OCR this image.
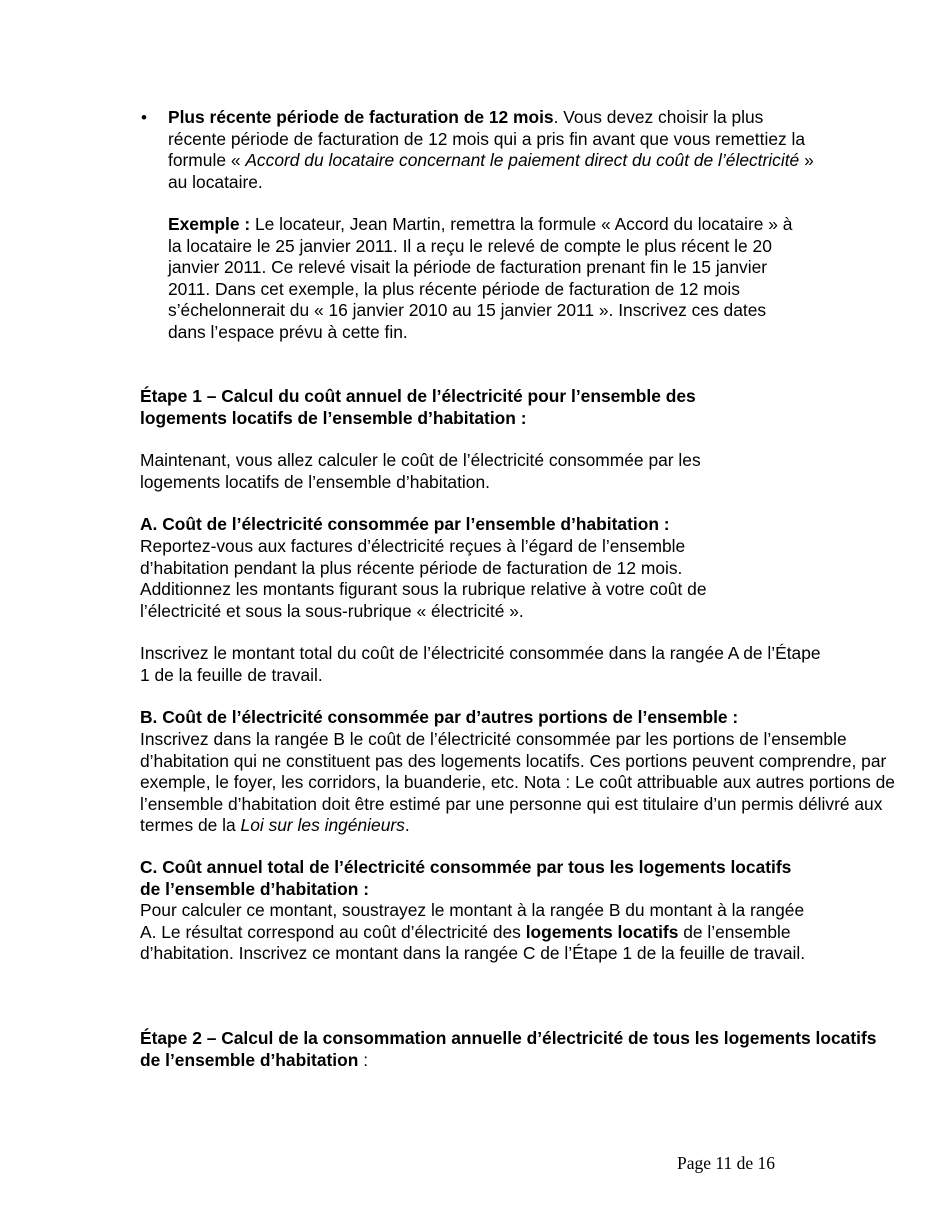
• Plus récente période de facturation de 12 mois. Vous devez choisir la plus récente période de facturation de 12 mois qui a pris fin avant que vous remettiez la formule « Accord du locataire concernant le paiement direct du coût de l’électricité » au locataire.

Exemple : Le locateur, Jean Martin, remettra la formule « Accord du locataire » à la locataire le 25 janvier 2011. Il a reçu le relevé de compte le plus récent le 20 janvier 2011. Ce relevé visait la période de facturation prenant fin le 15 janvier 2011. Dans cet exemple, la plus récente période de facturation de 12 mois s’échelonnerait du « 16 janvier 2010 au 15 janvier 2011 ». Inscrivez ces dates dans l’espace prévu à cette fin.

Étape 1 – Calcul du coût annuel de l’électricité pour l’ensemble des logements locatifs de l’ensemble d’habitation :

Maintenant, vous allez calculer le coût de l’électricité consommée par les logements locatifs de l’ensemble d’habitation.

A. Coût de l’électricité consommée par l’ensemble d’habitation :

Reportez-vous aux factures d’électricité reçues à l’égard de l’ensemble d’habitation pendant la plus récente période de facturation de 12 mois. Additionnez les montants figurant sous la rubrique relative à votre coût de l’électricité et sous la sous-rubrique « électricité ».

Inscrivez le montant total du coût de l’électricité consommée dans la rangée A de l’Étape 1 de la feuille de travail.

B. Coût de l’électricité consommée par d’autres portions de l’ensemble :

Inscrivez dans la rangée B le coût de l’électricité consommée par les portions de l’ensemble d’habitation qui ne constituent pas des logements locatifs. Ces portions peuvent comprendre, par exemple, le foyer, les corridors, la buanderie, etc. Nota : Le coût attribuable aux autres portions de l’ensemble d’habitation doit être estimé par une personne qui est titulaire d’un permis délivré aux termes de la Loi sur les ingénieurs.

C. Coût annuel total de l’électricité consommée par tous les logements locatifs de l’ensemble d’habitation :

Pour calculer ce montant, soustrayez le montant à la rangée B du montant à la rangée A. Le résultat correspond au coût d’électricité des logements locatifs de l’ensemble d’habitation. Inscrivez ce montant dans la rangée C de l’Étape 1 de la feuille de travail.

Étape 2 – Calcul de la consommation annuelle d’électricité de tous les logements locatifs de l’ensemble d’habitation :

Page 11 de 16
